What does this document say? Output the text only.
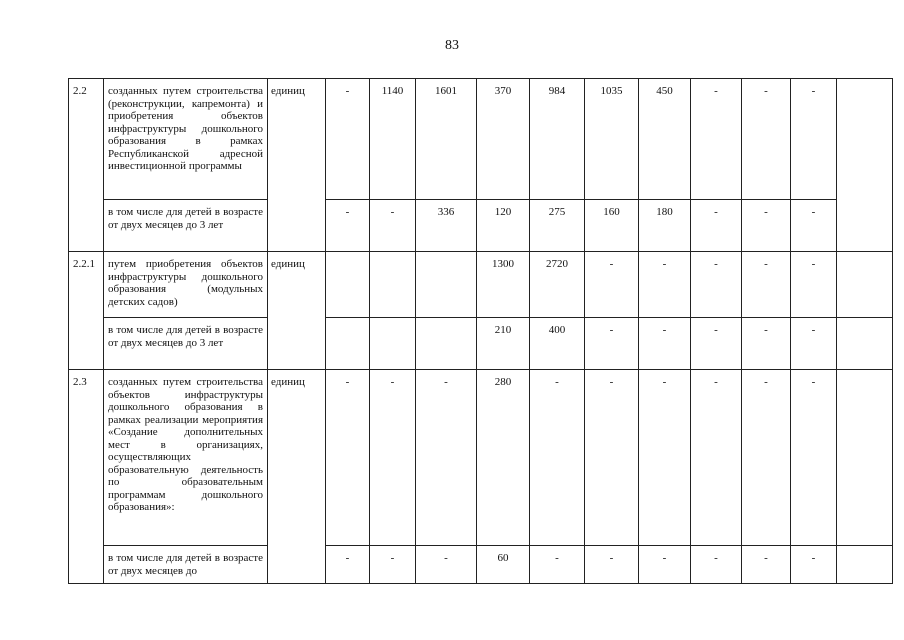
83
2.2	созданных путем строительства (реконструкции, капремонта) и приобретения объектов инфраструктуры дошкольного образования в рамках Республиканской адресной инвестиционной программы	единиц	-	1140	1601	370	984	1035	450	-	-	-	
	в том числе для детей в возрасте от двух месяцев до 3 лет		-	-	336	120	275	160	180	-	-	-	
2.2.1	путем приобретения объектов инфраструктуры дошкольного образования (модульных детских садов)	единиц				1300	2720	-	-	-	-	-	
	в том числе для детей в возрасте от двух месяцев до 3 лет					210	400	-	-	-	-	-	
2.3	созданных путем строительства объектов инфраструктуры дошкольного образования в рамках реализации мероприятия «Создание дополнительных мест в организациях, осуществляющих образовательную деятельность по образовательным программам дошкольного образования»:	единиц	-	-	-	280	-	-	-	-	-	-	
	в том числе для детей в возрасте от двух месяцев до		-	-	-	60	-	-	-	-	-	-	
